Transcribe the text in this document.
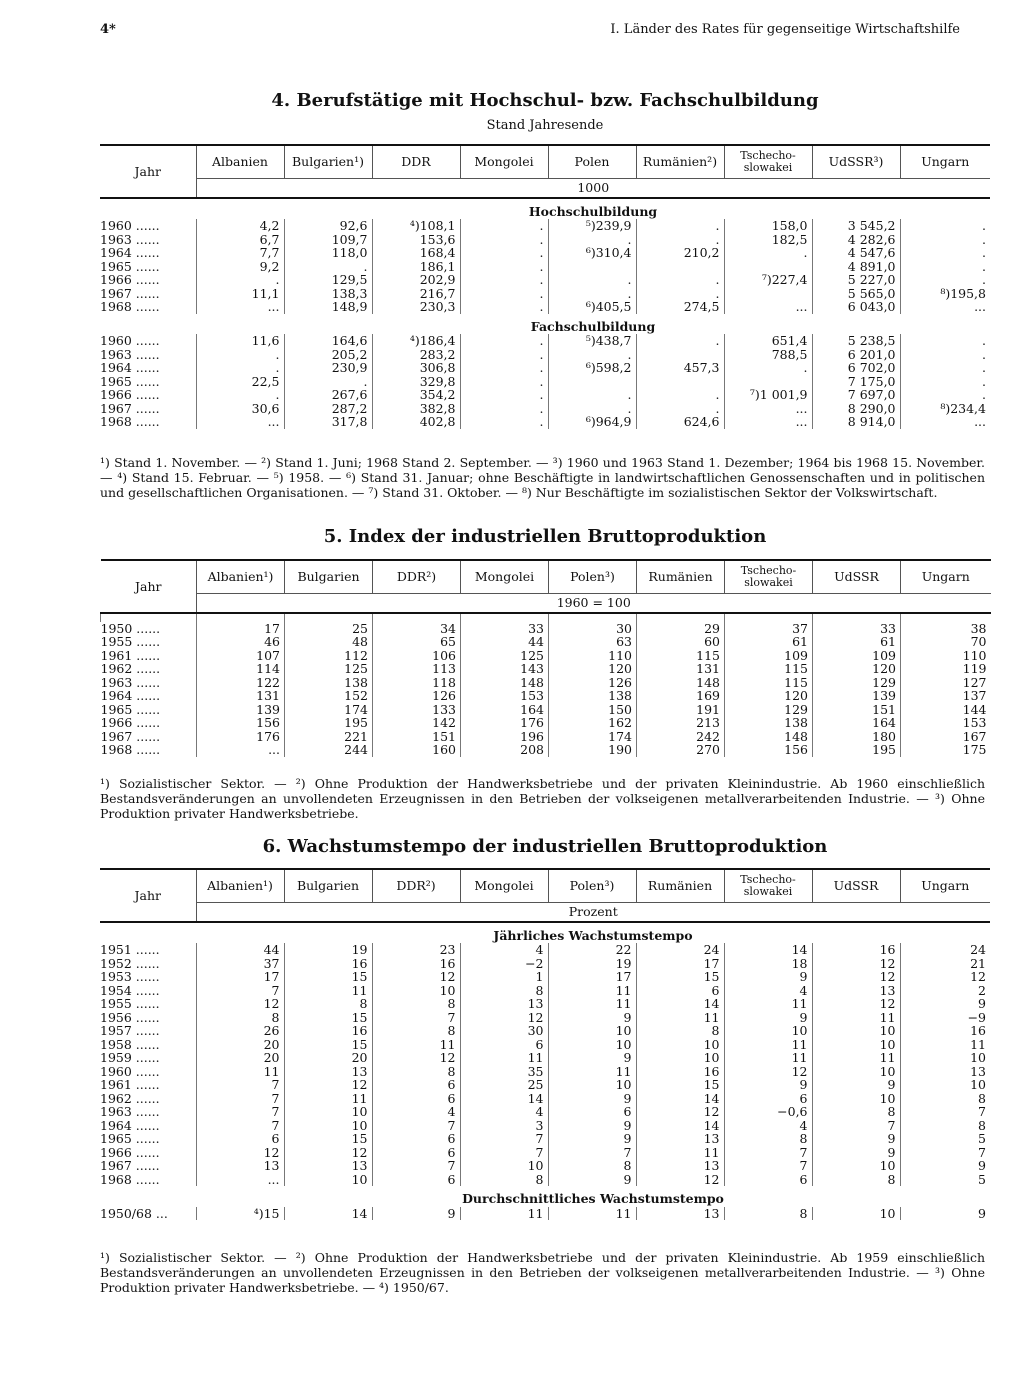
4*	I. Länder des Rates für gegenseitige Wirtschaftshilfe
4. Berufstätige mit Hochschul- bzw. Fachschulbildung
Stand Jahresende
Jahr	Albanien	Bulgarien¹)	DDR	Mongolei	Polen	Rumänien²)	Tschecho-slowakei	UdSSR³)	Ungarn
	1000								
	Hochschulbildung								
1960 ......	4,2	92,6	⁴)108,1	.	⁵)239,9	.	158,0	3 545,2	.
1963 ......	6,7	109,7	153,6	.	.	.	182,5	4 282,6	.
1964 ......	7,7	118,0	168,4	.	⁶)310,4	210,2	.	4 547,6	.
1965 ......	9,2	.	186,1	.				4 891,0	.
1966 ......	.	129,5	202,9	.	.	.	⁷)227,4	5 227,0	.
1967 ......	11,1	138,3	216,7	.	.	.		5 565,0	⁸)195,8
1968 ......	...	148,9	230,3	.	⁶)405,5	274,5	...	6 043,0	...
	Fachschulbildung								
1960 ......	11,6	164,6	⁴)186,4	.	⁵)438,7	.	651,4	5 238,5	.
1963 ......	.	205,2	283,2	.	.		788,5	6 201,0	.
1964 ......	.	230,9	306,8	.	⁶)598,2	457,3	.	6 702,0	.
1965 ......	22,5	.	329,8	.				7 175,0	.
1966 ......	.	267,6	354,2	.	.	.	⁷)1 001,9	7 697,0	.
1967 ......	30,6	287,2	382,8	.	.	.	...	8 290,0	⁸)234,4
1968 ......	...	317,8	402,8	.	⁶)964,9	624,6	...	8 914,0	...
¹) Stand 1. November. — ²) Stand 1. Juni; 1968 Stand 2. September. — ³) 1960 und 1963 Stand 1. Dezember; 1964 bis 1968 15. November. — ⁴) Stand 15. Februar. — ⁵) 1958. — ⁶) Stand 31. Januar; ohne Beschäftigte in landwirtschaftlichen Genossenschaften und in politischen und gesellschaftlichen Organisationen. — ⁷) Stand 31. Oktober. — ⁸) Nur Beschäftigte im sozialistischen Sektor der Volkswirtschaft.
5. Index der industriellen Bruttoproduktion
Jahr	Albanien¹)	Bulgarien	DDR²)	Mongolei	Polen³)	Rumänien	Tschecho-slowakei	UdSSR	Ungarn
	1960 = 100								

1950 ......	17	25	34	33	30	29	37	33	38
1955 ......	46	48	65	44	63	60	61	61	70
1961 ......	107	112	106	125	110	115	109	109	110
1962 ......	114	125	113	143	120	131	115	120	119
1963 ......	122	138	118	148	126	148	115	129	127
1964 ......	131	152	126	153	138	169	120	139	137
1965 ......	139	174	133	164	150	191	129	151	144
1966 ......	156	195	142	176	162	213	138	164	153
1967 ......	176	221	151	196	174	242	148	180	167
1968 ......	...	244	160	208	190	270	156	195	175
¹) Sozialistischer Sektor. — ²) Ohne Produktion der Handwerksbetriebe und der privaten Kleinindustrie. Ab 1960 einschließlich Bestandsveränderungen an unvollendeten Erzeugnissen in den Betrieben der volkseigenen metallverarbeitenden Industrie. — ³) Ohne Produktion privater Handwerksbetriebe.
6. Wachstumstempo der industriellen Bruttoproduktion
Jahr	Albanien¹)	Bulgarien	DDR²)	Mongolei	Polen³)	Rumänien	Tschecho-slowakei	UdSSR	Ungarn
	Prozent								
	Jährliches Wachstumstempo								
1951 ......	44	19	23	4	22	24	14	16	24
1952 ......	37	16	16	−2	19	17	18	12	21
1953 ......	17	15	12	1	17	15	9	12	12
1954 ......	7	11	10	8	11	6	4	13	2
1955 ......	12	8	8	13	11	14	11	12	9
1956 ......	8	15	7	12	9	11	9	11	−9
1957 ......	26	16	8	30	10	8	10	10	16
1958 ......	20	15	11	6	10	10	11	10	11
1959 ......	20	20	12	11	9	10	11	11	10
1960 ......	11	13	8	35	11	16	12	10	13
1961 ......	7	12	6	25	10	15	9	9	10
1962 ......	7	11	6	14	9	14	6	10	8
1963 ......	7	10	4	4	6	12	−0,6	8	7
1964 ......	7	10	7	3	9	14	4	7	8
1965 ......	6	15	6	7	9	13	8	9	5
1966 ......	12	12	6	7	7	11	7	9	7
1967 ......	13	13	7	10	8	13	7	10	9
1968 ......	...	10	6	8	9	12	6	8	5
	Durchschnittliches Wachstumstempo								
1950/68 ...	⁴)15	14	9	11	11	13	8	10	9
¹) Sozialistischer Sektor. — ²) Ohne Produktion der Handwerksbetriebe und der privaten Kleinindustrie. Ab 1959 einschließlich Bestandsveränderungen an unvollendeten Erzeugnissen in den Betrieben der volkseigenen metallverarbeitenden Industrie. — ³) Ohne Produktion privater Handwerksbetriebe. — ⁴) 1950/67.
